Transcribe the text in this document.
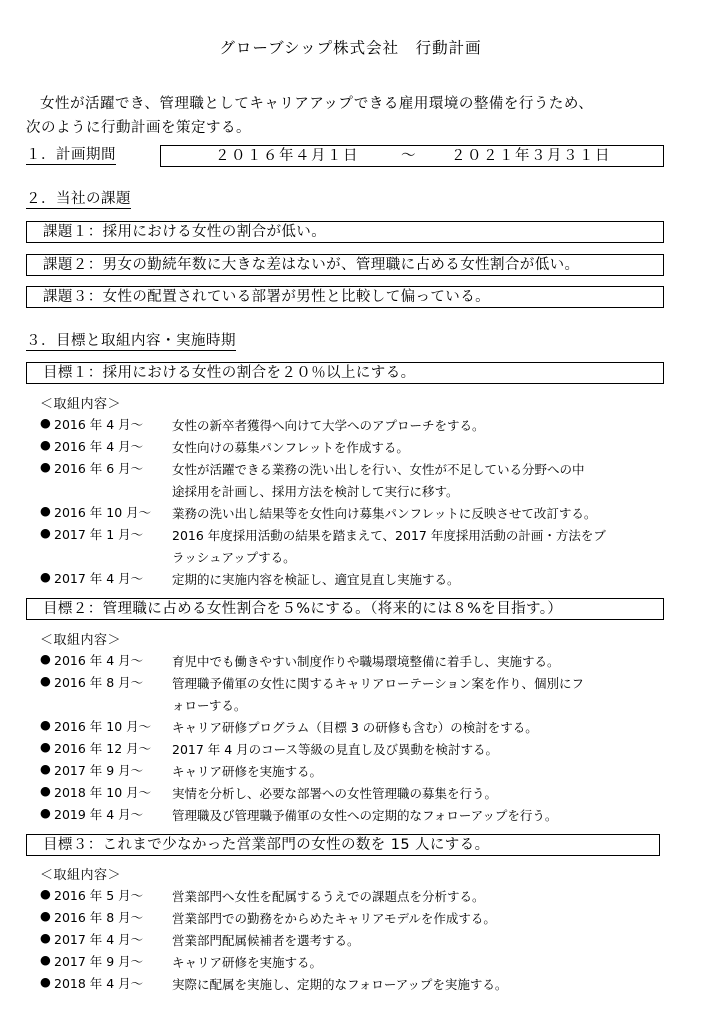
グローブシップ株式会社　行動計画
女性が活躍でき、管理職としてキャリアアップできる雇用環境の整備を行うため、
次のように行動計画を策定する。
１．計画期間	２０１６年４月１日	～ ２０２１年３月３１日
２．当社の課題
課題１：採用における女性の割合が低い。
課題２：男女の勤続年数に大きな差はないが、管理職に占める女性割合が低い。
課題３：女性の配置されている部署が男性と比較して偏っている。
３．目標と取組内容・実施時期
目標１：採用における女性の割合を２０％以上にする。
＜取組内容＞
● 2016 年 4 月～ 女性の新卒者獲得へ向けて大学へのアプローチをする。
● 2016 年 4 月～ 女性向けの募集パンフレットを作成する。
● 2016 年 6 月～ 女性が活躍できる業務の洗い出しを行い、女性が不足している分野への中
途採用を計画し、採用方法を検討して実行に移す。
● 2016 年 10 月～ 業務の洗い出し結果等を女性向け募集パンフレットに反映させて改訂する。
● 2017 年 1 月～ 2016 年度採用活動の結果を踏まえて、2017 年度採用活動の計画・方法をブ
ラッシュアップする。
● 2017 年 4 月～ 定期的に実施内容を検証し、適宜見直し実施する。
目標２：管理職に占める女性割合を５%にする。（将来的には８%を目指す。）
＜取組内容＞
● 2016 年 4 月～ 育児中でも働きやすい制度作りや職場環境整備に着手し、実施する。
● 2016 年 8 月～ 管理職予備軍の女性に関するキャリアローテーション案を作り、個別にフ
ォローする。
● 2016 年 10 月～ キャリア研修プログラム（目標 3 の研修も含む）の検討をする。
● 2016 年 12 月～ 2017 年 4 月のコース等級の見直し及び異動を検討する。
● 2017 年 9 月～ キャリア研修を実施する。
● 2018 年 10 月～ 実情を分析し、必要な部署への女性管理職の募集を行う。
● 2019 年 4 月～ 管理職及び管理職予備軍の女性への定期的なフォローアップを行う。
目標３：これまで少なかった営業部門の女性の数を 15 人にする。
＜取組内容＞
● 2016 年 5 月～ 営業部門へ女性を配属するうえでの課題点を分析する。
● 2016 年 8 月～ 営業部門での勤務をからめたキャリアモデルを作成する。
● 2017 年 4 月～ 営業部門配属候補者を選考する。
● 2017 年 9 月～ キャリア研修を実施する。
● 2018 年 4 月～ 実際に配属を実施し、定期的なフォローアップを実施する。
